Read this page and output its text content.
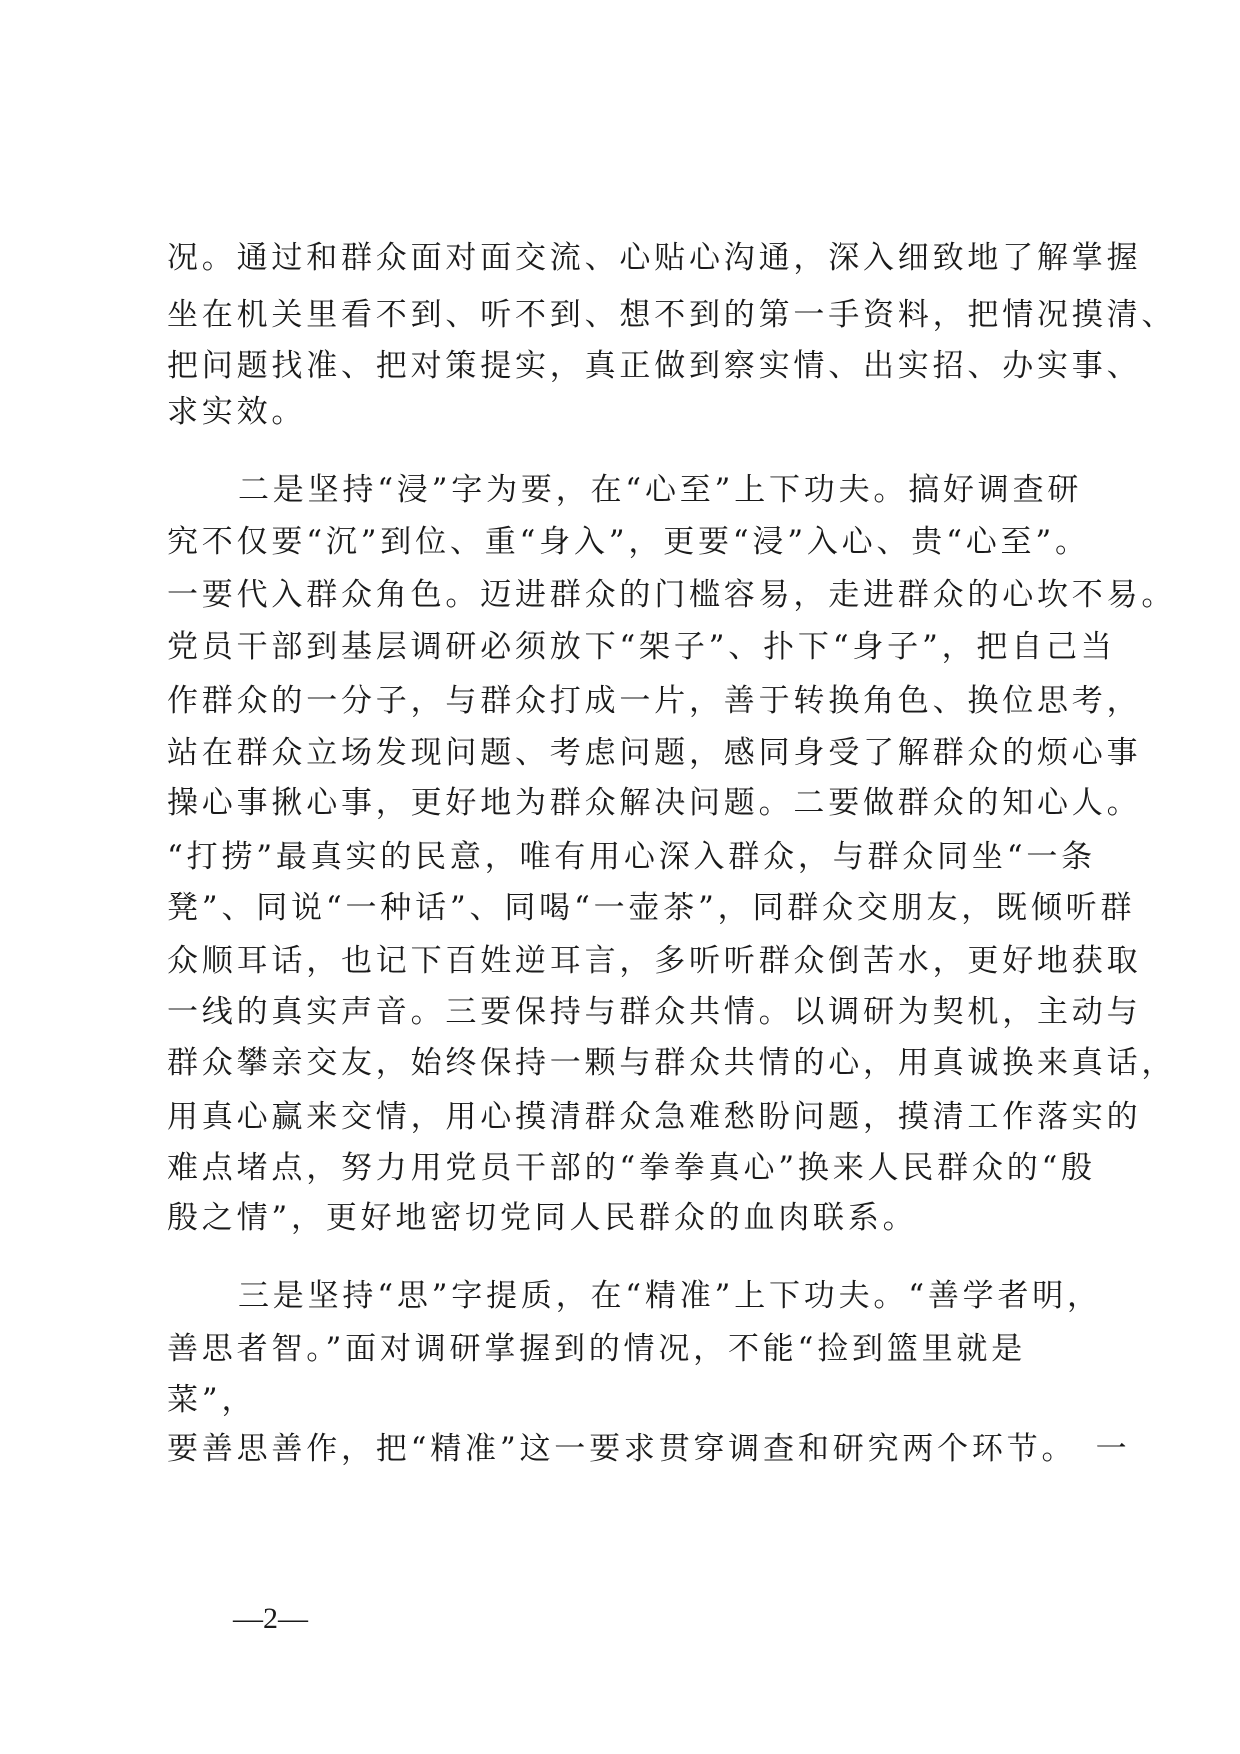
况。通过和群众面对面交流、心贴心沟通，深入细致地了解掌握
坐在机关里看不到、听不到、想不到的第一手资料，把情况摸清、
把问题找准、把对策提实，真正做到察实情、出实招、办实事、
求实效。
二是坚持“浸”字为要，在“心至”上下功夫。搞好调查研
究不仅要“沉”到位、重“身入”，更要“浸”入心、贵“心至”。
一要代入群众角色。迈进群众的门槛容易，走进群众的心坎不易。
党员干部到基层调研必须放下“架子”、扑下“身子”，把自己当
作群众的一分子，与群众打成一片，善于转换角色、换位思考，
站在群众立场发现问题、考虑问题，感同身受了解群众的烦心事
操心事揪心事，更好地为群众解决问题。二要做群众的知心人。
“打捞”最真实的民意，唯有用心深入群众，与群众同坐“一条
凳”、同说“一种话”、同喝“一壶茶”，同群众交朋友，既倾听群
众顺耳话，也记下百姓逆耳言，多听听群众倒苦水，更好地获取
一线的真实声音。三要保持与群众共情。以调研为契机，主动与
群众攀亲交友，始终保持一颗与群众共情的心，用真诚换来真话，
用真心赢来交情，用心摸清群众急难愁盼问题，摸清工作落实的
难点堵点，努力用党员干部的“拳拳真心”换来人民群众的“殷
殷之情”，更好地密切党同人民群众的血肉联系。
三是坚持“思”字提质，在“精准”上下功夫。“善学者明，
善思者智。”面对调研掌握到的情况，不能“捡到篮里就是
菜”，
要善思善作，把“精准”这一要求贯穿调查和研究两个环节。　一
—2—
